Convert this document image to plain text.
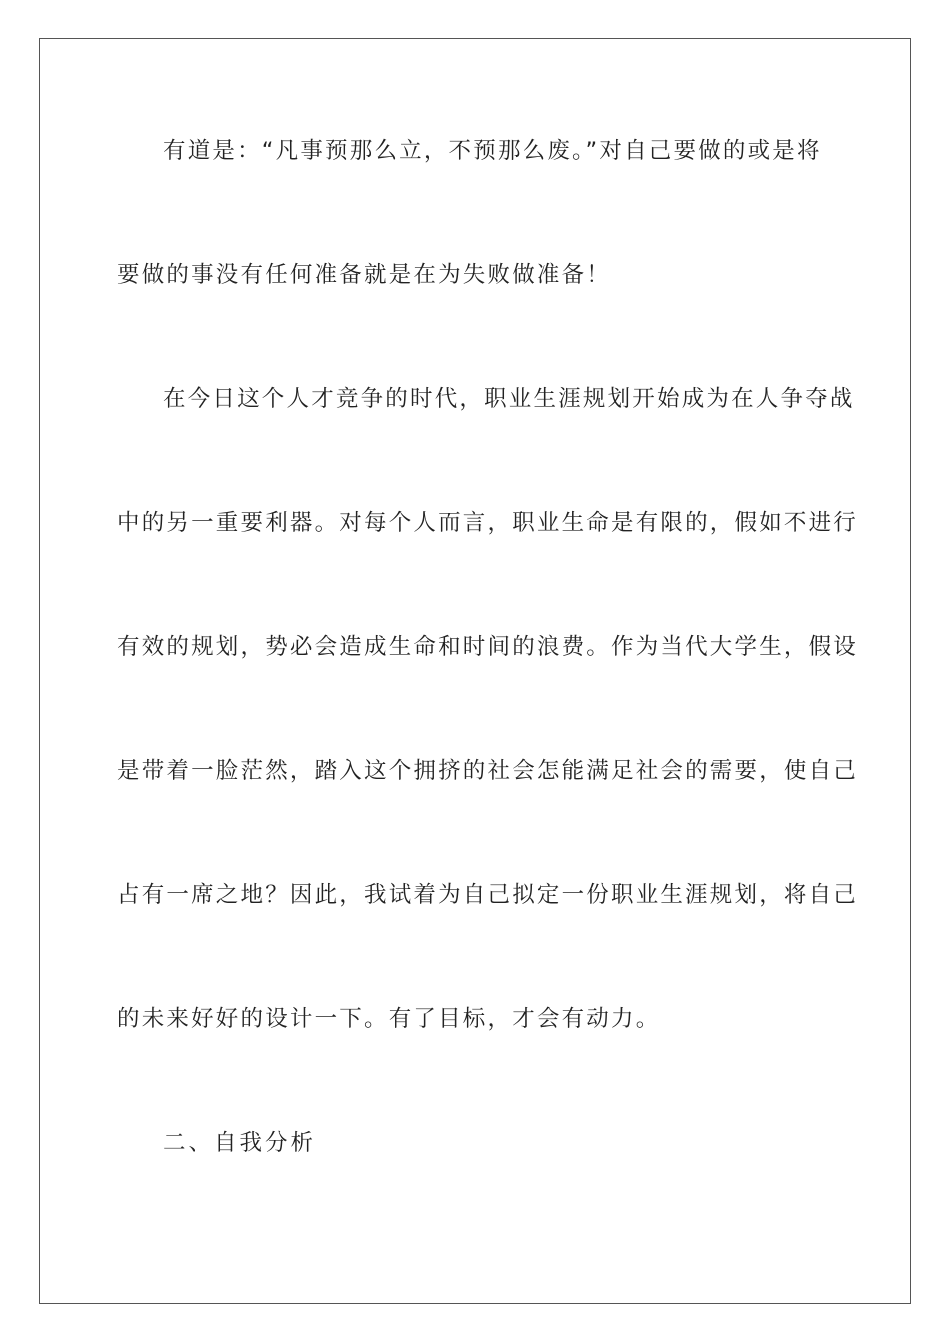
有道是：“凡事预那么立，不预那么废。”对自己要做的或是将

要做的事没有任何准备就是在为失败做准备！

在今日这个人才竞争的时代，职业生涯规划开始成为在人争夺战

中的另一重要利器。对每个人而言，职业生命是有限的，假如不进行

有效的规划，势必会造成生命和时间的浪费。作为当代大学生，假设

是带着一脸茫然，踏入这个拥挤的社会怎能满足社会的需要，使自己

占有一席之地？因此，我试着为自己拟定一份职业生涯规划，将自己

的未来好好的设计一下。有了目标，才会有动力。

二、自我分析
